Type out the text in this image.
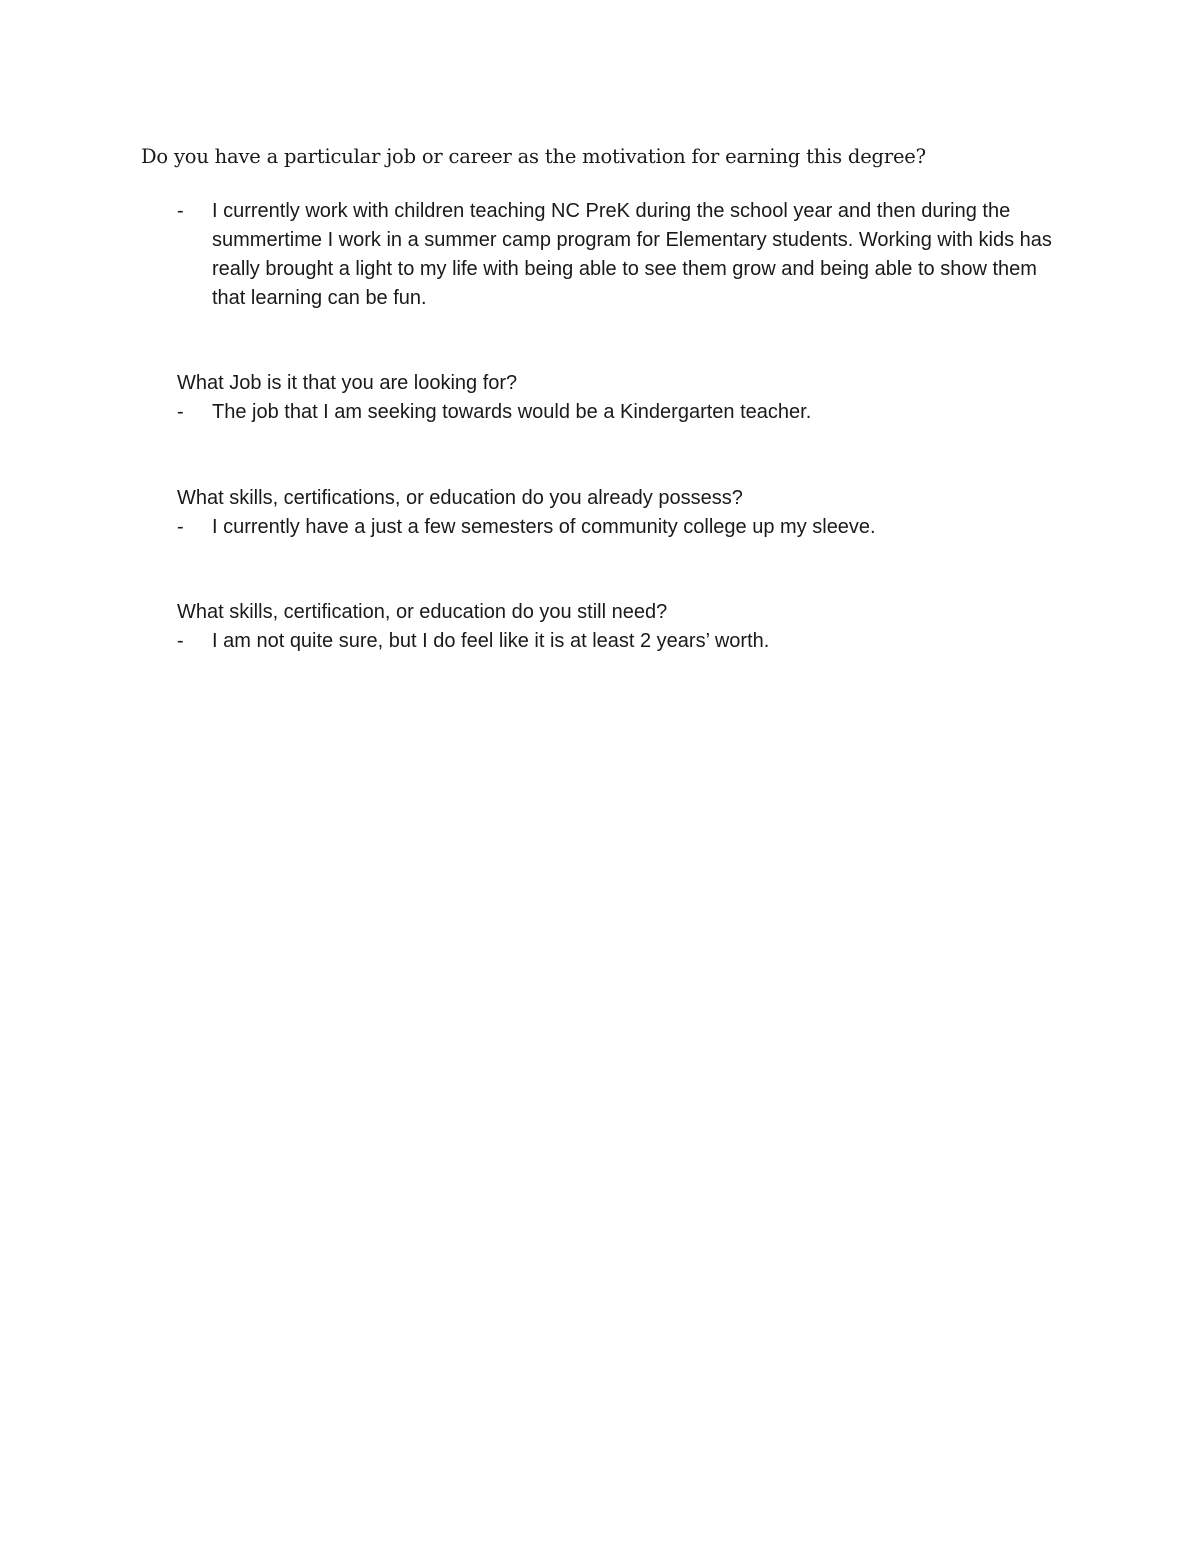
Do you have a particular job or career as the motivation for earning this degree?
-	I currently work with children teaching NC PreK during the school year and then during the summertime I work in a summer camp program for Elementary students. Working with kids has really brought a light to my life with being able to see them grow and being able to show them that learning can be fun.
What Job is it that you are looking for?
-	The job that I am seeking towards would be a Kindergarten teacher.
What skills, certifications, or education do you already possess?
-	I currently have a just a few semesters of community college up my sleeve.
What skills, certification, or education do you still need?
-	I am not quite sure, but I do feel like it is at least 2 years’ worth.
